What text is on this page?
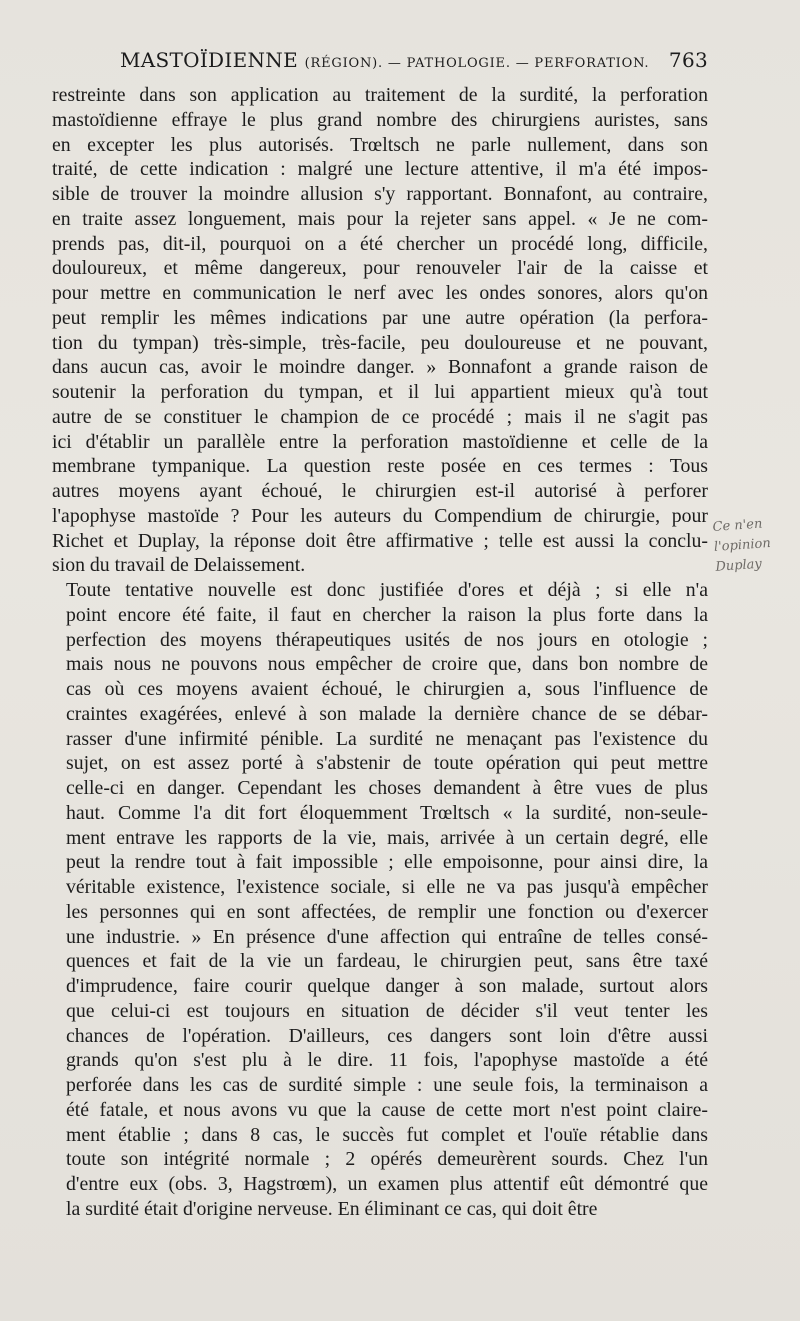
MASTOÏDIENNE (RÉGION). — PATHOLOGIE. — PERFORATION. 763

restreinte dans son application au traitement de la surdité, la perforation
mastoïdienne effraye le plus grand nombre des chirurgiens auristes, sans
en excepter les plus autorisés. Trœltsch ne parle nullement, dans son
traité, de cette indication : malgré une lecture attentive, il m'a été impos-
sible de trouver la moindre allusion s'y rapportant. Bonnafont, au contraire,
en traite assez longuement, mais pour la rejeter sans appel. « Je ne com-
prends pas, dit-il, pourquoi on a été chercher un procédé long, difficile,
douloureux, et même dangereux, pour renouveler l'air de la caisse et
pour mettre en communication le nerf avec les ondes sonores, alors qu'on
peut remplir les mêmes indications par une autre opération (la perfora-
tion du tympan) très-simple, très-facile, peu douloureuse et ne pouvant,
dans aucun cas, avoir le moindre danger. » Bonnafont a grande raison de
soutenir la perforation du tympan, et il lui appartient mieux qu'à tout
autre de se constituer le champion de ce procédé ; mais il ne s'agit pas
ici d'établir un parallèle entre la perforation mastoïdienne et celle de la
membrane tympanique. La question reste posée en ces termes : Tous
autres moyens ayant échoué, le chirurgien est-il autorisé à perforer
l'apophyse mastoïde ? Pour les auteurs du Compendium de chirurgie, pour
Richet et Duplay, la réponse doit être affirmative ; telle est aussi la conclu-
sion du travail de Delaissement.

Toute tentative nouvelle est donc justifiée d'ores et déjà ; si elle n'a
point encore été faite, il faut en chercher la raison la plus forte dans la
perfection des moyens thérapeutiques usités de nos jours en otologie ;
mais nous ne pouvons nous empêcher de croire que, dans bon nombre de
cas où ces moyens avaient échoué, le chirurgien a, sous l'influence de
craintes exagérées, enlevé à son malade la dernière chance de se débar-
rasser d'une infirmité pénible. La surdité ne menaçant pas l'existence du
sujet, on est assez porté à s'abstenir de toute opération qui peut mettre
celle-ci en danger. Cependant les choses demandent à être vues de plus
haut. Comme l'a dit fort éloquemment Trœltsch « la surdité, non-seule-
ment entrave les rapports de la vie, mais, arrivée à un certain degré, elle
peut la rendre tout à fait impossible ; elle empoisonne, pour ainsi dire, la
véritable existence, l'existence sociale, si elle ne va pas jusqu'à empêcher
les personnes qui en sont affectées, de remplir une fonction ou d'exercer
une industrie. » En présence d'une affection qui entraîne de telles consé-
quences et fait de la vie un fardeau, le chirurgien peut, sans être taxé
d'imprudence, faire courir quelque danger à son malade, surtout alors
que celui-ci est toujours en situation de décider s'il veut tenter les
chances de l'opération. D'ailleurs, ces dangers sont loin d'être aussi
grands qu'on s'est plu à le dire. 11 fois, l'apophyse mastoïde a été
perforée dans les cas de surdité simple : une seule fois, la terminaison a
été fatale, et nous avons vu que la cause de cette mort n'est point claire-
ment établie ; dans 8 cas, le succès fut complet et l'ouïe rétablie dans
toute son intégrité normale ; 2 opérés demeurèrent sourds. Chez l'un
d'entre eux (obs. 3, Hagstrœm), un examen plus attentif eût démontré que
la surdité était d'origine nerveuse. En éliminant ce cas, qui doit être

Ce n'en
l'opinion
Duplay
